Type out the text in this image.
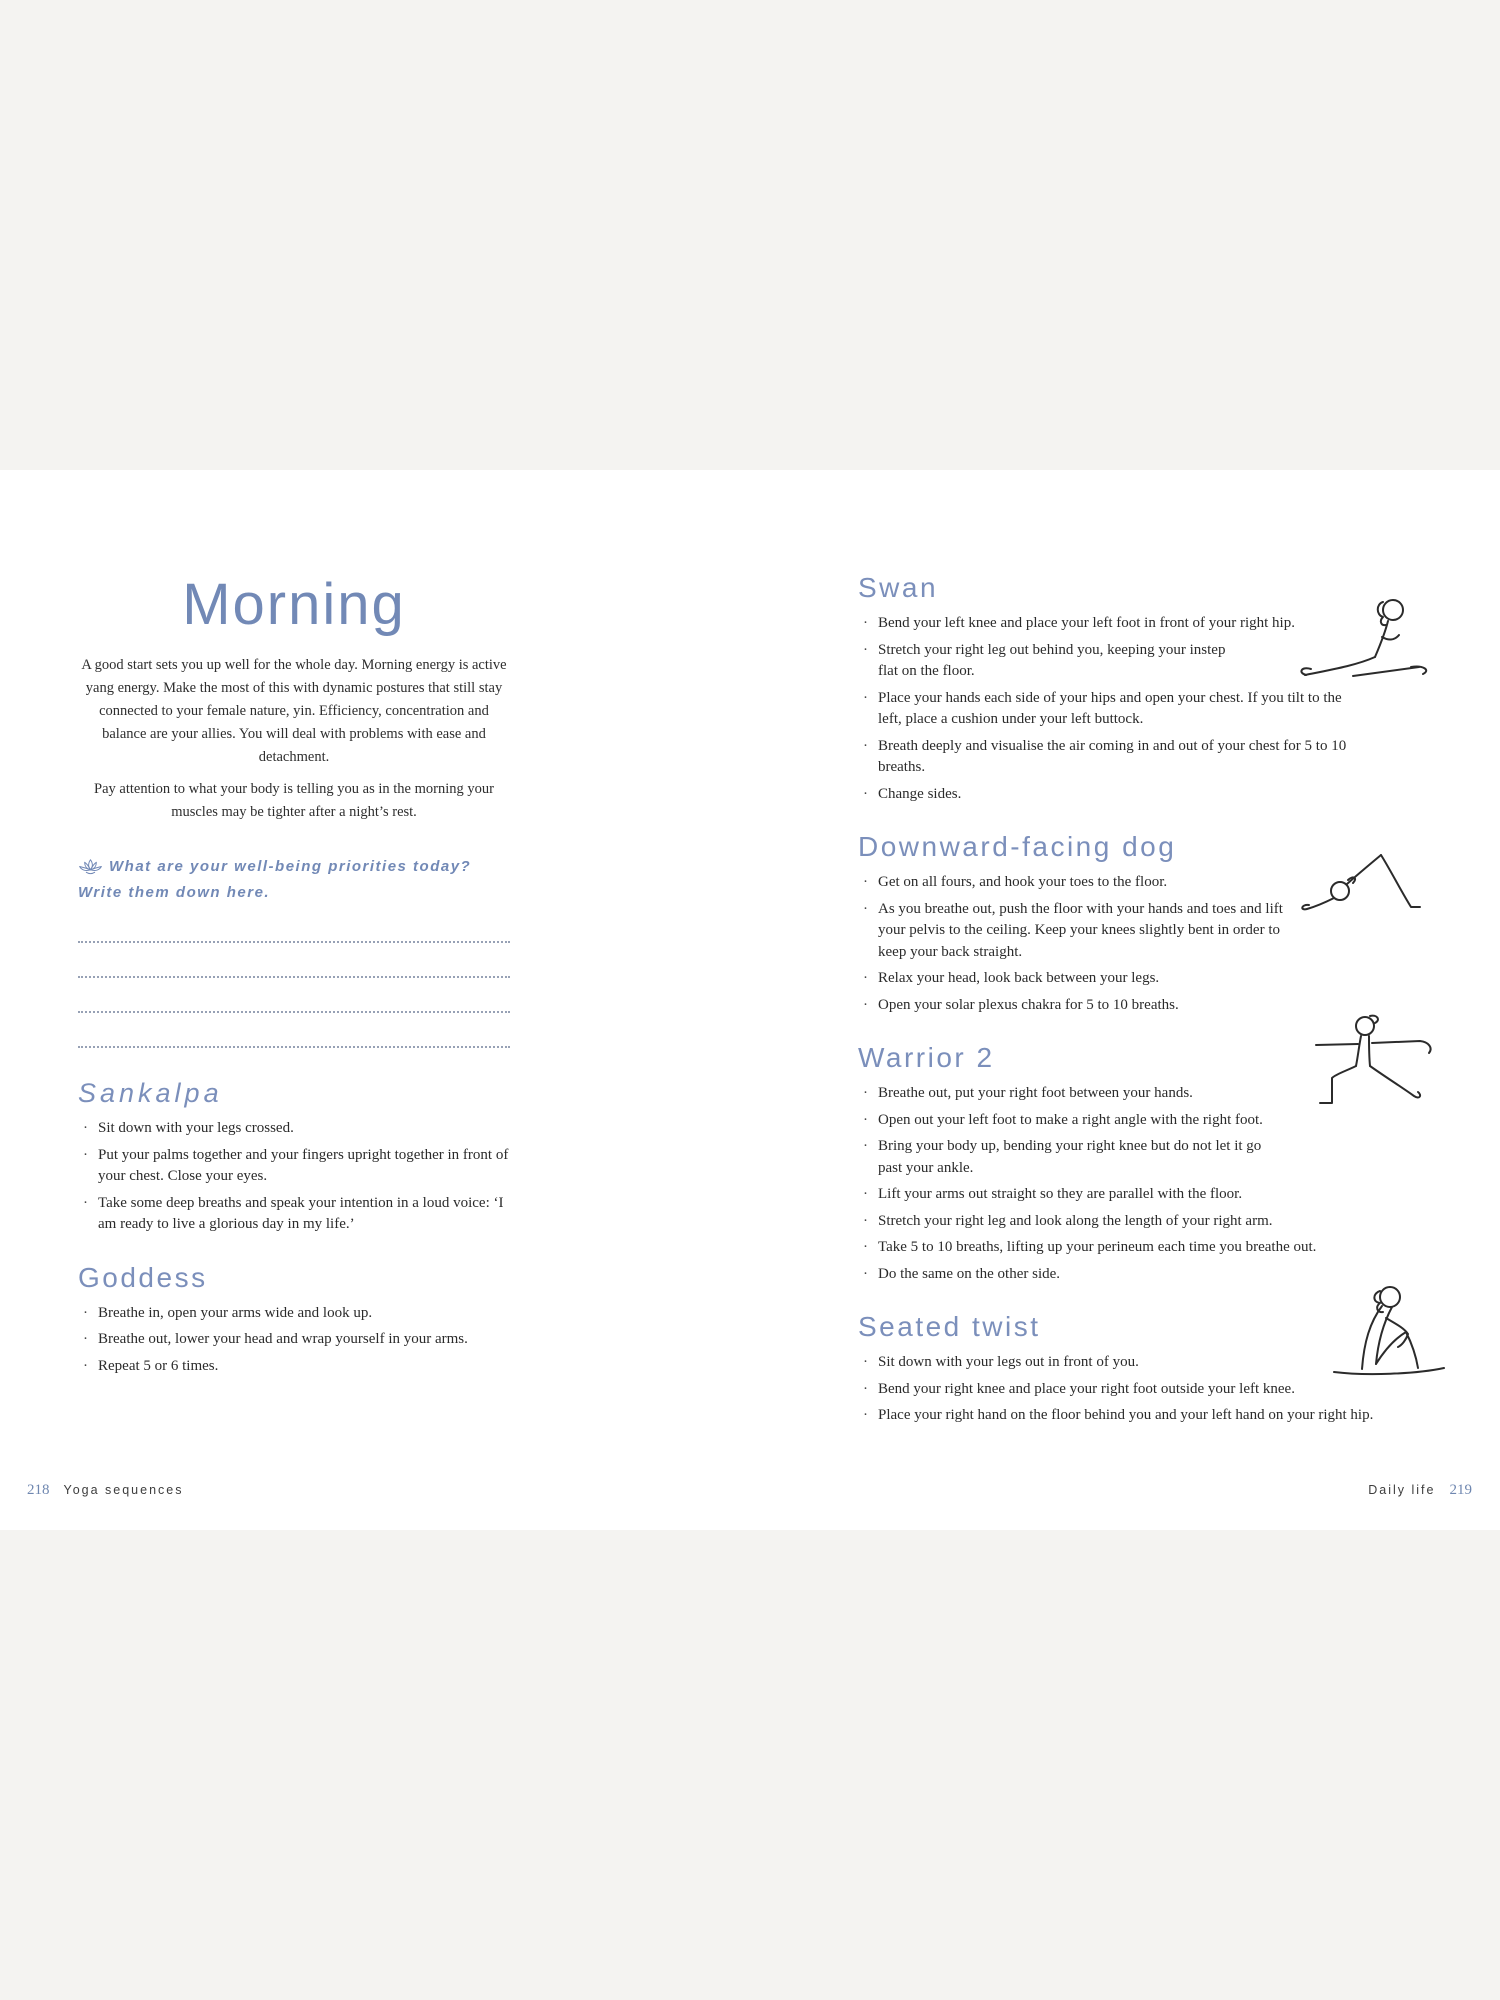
Morning

A good start sets you up well for the whole day. Morning energy is active yang energy. Make the most of this with dynamic postures that still stay connected to your female nature, yin. Efficiency, concentration and balance are your allies. You will deal with problems with ease and detachment.

Pay attention to what your body is telling you as in the morning your muscles may be tighter after a night’s rest.

What are your well-being priorities today? Write them down here.
Sankalpa
· Sit down with your legs crossed.
· Put your palms together and your fingers upright together in front of your chest. Close your eyes.
· Take some deep breaths and speak your intention in a loud voice: ‘I am ready to live a glorious day in my life.’
Goddess
· Breathe in, open your arms wide and look up.
· Breathe out, lower your head and wrap yourself in your arms.
· Repeat 5 or 6 times.
Swan
· Bend your left knee and place your left foot in front of your right hip.
· Stretch your right leg out behind you, keeping your instep flat on the floor.
· Place your hands each side of your hips and open your chest. If you tilt to the left, place a cushion under your left buttock.
· Breath deeply and visualise the air coming in and out of your chest for 5 to 10 breaths.
· Change sides.
Downward-facing dog
· Get on all fours, and hook your toes to the floor.
· As you breathe out, push the floor with your hands and toes and lift your pelvis to the ceiling. Keep your knees slightly bent in order to keep your back straight.
· Relax your head, look back between your legs.
· Open your solar plexus chakra for 5 to 10 breaths.
Warrior 2
· Breathe out, put your right foot between your hands.
· Open out your left foot to make a right angle with the right foot.
· Bring your body up, bending your right knee but do not let it go past your ankle.
· Lift your arms out straight so they are parallel with the floor.
· Stretch your right leg and look along the length of your right arm.
· Take 5 to 10 breaths, lifting up your perineum each time you breathe out.
· Do the same on the other side.
Seated twist
· Sit down with your legs out in front of you.
· Bend your right knee and place your right foot outside your left knee.
· Place your right hand on the floor behind you and your left hand on your right hip.
218 Yoga sequences	Daily life 219
